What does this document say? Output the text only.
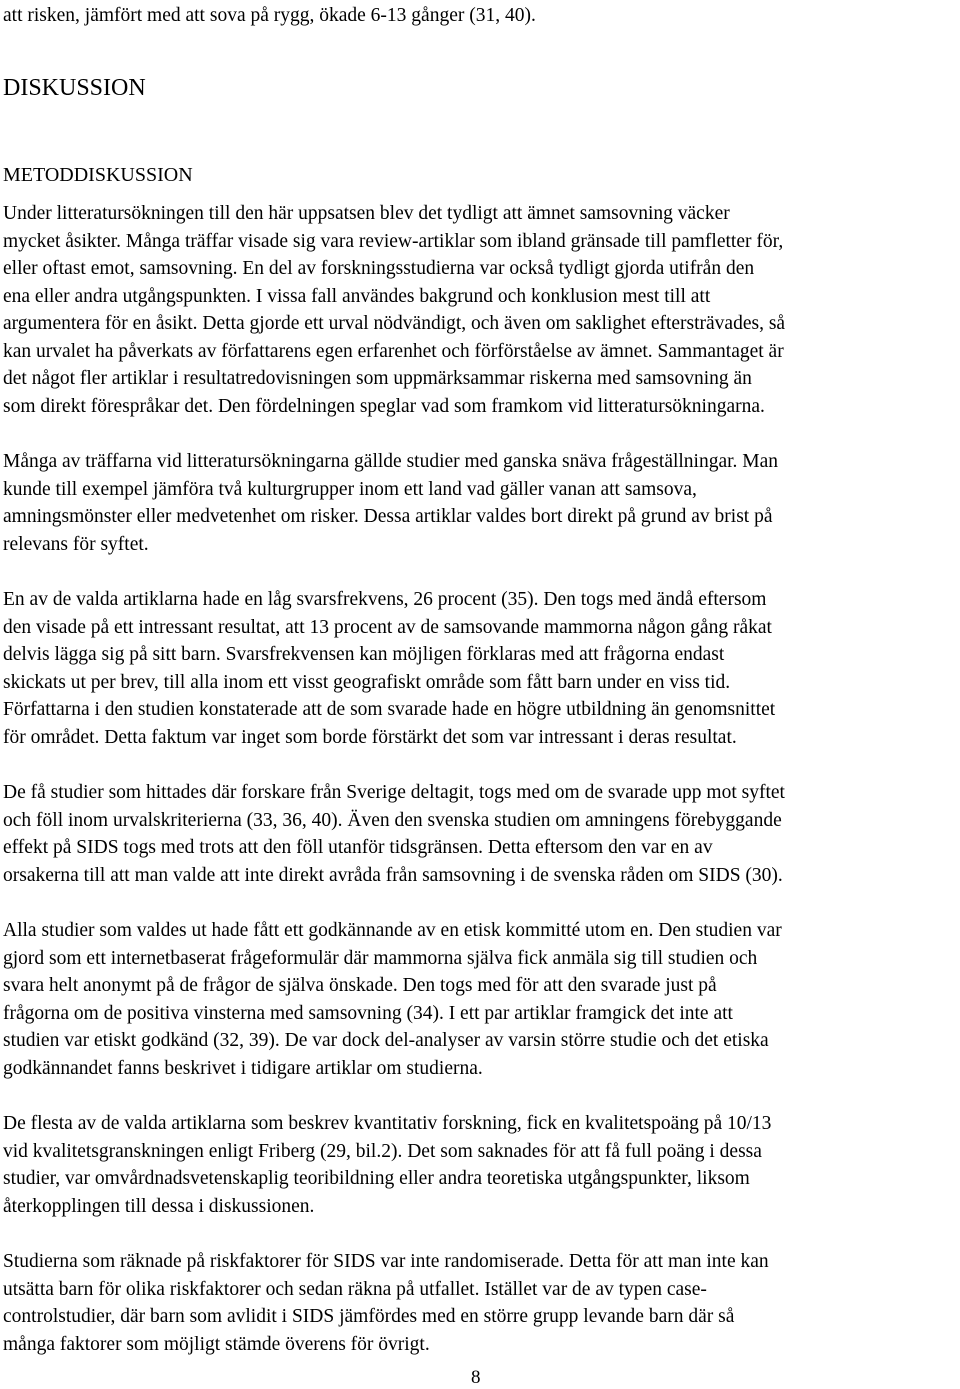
att risken, jämfört med att sova på rygg, ökade 6-13 gånger (31, 40).
DISKUSSION
METODDISKUSSION
Under litteratursökningen till den här uppsatsen blev det tydligt att ämnet samsovning väcker
mycket åsikter. Många träffar visade sig vara review-artiklar som ibland gränsade till pamfletter för,
eller oftast emot, samsovning. En del av forskningsstudierna var också tydligt gjorda utifrån den
ena eller andra utgångspunkten. I vissa fall användes bakgrund och konklusion mest till att
argumentera för en åsikt. Detta gjorde ett urval nödvändigt, och även om saklighet eftersträvades, så
kan urvalet ha påverkats av författarens egen erfarenhet och förförståelse av ämnet. Sammantaget är
det något fler artiklar i resultatredovisningen som uppmärksammar riskerna med samsovning än
som direkt förespråkar det. Den fördelningen speglar vad som framkom vid litteratursökningarna.
Många av träffarna vid litteratursökningarna gällde studier med ganska snäva frågeställningar. Man
kunde till exempel jämföra två kulturgrupper inom ett land vad gäller vanan att samsova,
amningsmönster eller medvetenhet om risker. Dessa artiklar valdes bort direkt på grund av brist på
relevans för syftet.
En av de valda artiklarna hade en låg svarsfrekvens, 26 procent (35). Den togs med ändå eftersom
den visade på ett intressant resultat, att 13 procent av de samsovande mammorna någon gång råkat
delvis lägga sig på sitt barn. Svarsfrekvensen kan möjligen förklaras med att frågorna endast
skickats ut per brev, till alla inom ett visst geografiskt område som fått barn under en viss tid.
Författarna i den studien konstaterade att de som svarade hade en högre utbildning än genomsnittet
för området. Detta faktum var inget som borde förstärkt det som var intressant i deras resultat.
De få studier som hittades där forskare från Sverige deltagit, togs med om de svarade upp mot syftet
och föll inom urvalskriterierna (33, 36, 40). Även den svenska studien om amningens förebyggande
effekt på SIDS togs med trots att den föll utanför tidsgränsen. Detta eftersom den var en av
orsakerna till att man valde att inte direkt avråda från samsovning i de svenska råden om SIDS (30).
Alla studier som valdes ut hade fått ett godkännande av en etisk kommitté utom en. Den studien var
gjord som ett internetbaserat frågeformulär där mammorna själva fick anmäla sig till studien och
svara helt anonymt på de frågor de själva önskade. Den togs med för att den svarade just på
frågorna om de positiva vinsterna med samsovning (34). I ett par artiklar framgick det inte att
studien var etiskt godkänd (32, 39). De var dock del-analyser av varsin större studie och det etiska
godkännandet fanns beskrivet i tidigare artiklar om studierna.
De flesta av de valda artiklarna som beskrev kvantitativ forskning, fick en kvalitetspoäng på 10/13
vid kvalitetsgranskningen enligt Friberg (29, bil.2). Det som saknades för att få full poäng i dessa
studier, var omvårdnadsvetenskaplig teoribildning eller andra teoretiska utgångspunkter, liksom
återkopplingen till dessa i diskussionen.
Studierna som räknade på riskfaktorer för SIDS var inte randomiserade. Detta för att man inte kan
utsätta barn för olika riskfaktorer och sedan räkna på utfallet. Istället var de av typen case-
controlstudier, där barn som avlidit i SIDS jämfördes med en större grupp levande barn där så
många faktorer som möjligt stämde överens för övrigt.
8
